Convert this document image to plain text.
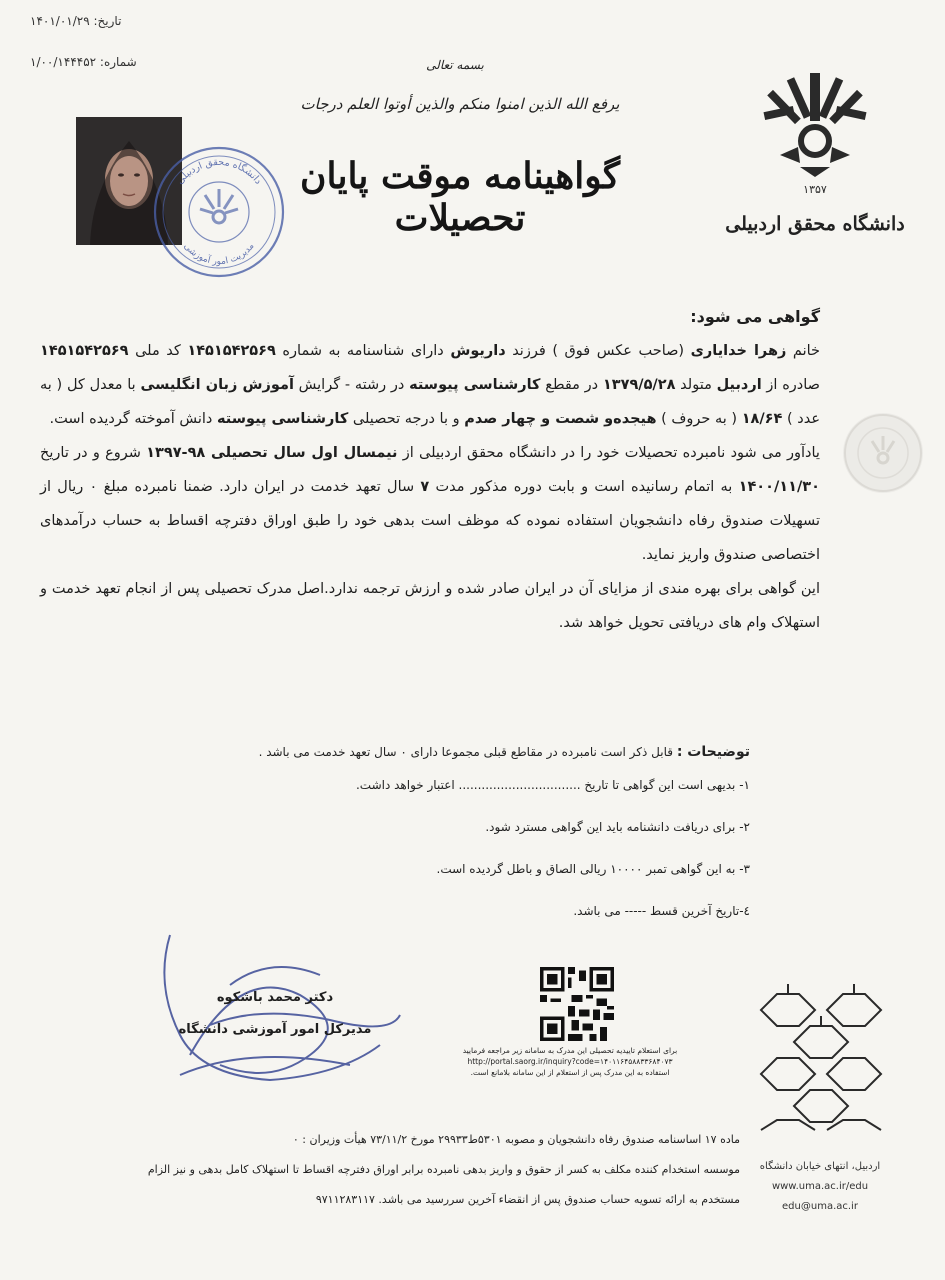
تاریخ: ۱۴۰۱/۰۱/۲۹
شماره: ۱/۰۰/۱۴۴۴۵۲	بسمه تعالی
یرفع الله الذین امنوا منکم والذین أوتوا العلم درجات
گواهینامه موقت پایان تحصیلات
دانشگاه محقق اردبیلی
مدیریت امور آموزشی
۱۳۵۷
دانشگاه محقق اردبیلی
گواهی می شود:

خانم زهرا خدایاری (صاحب عکس فوق ) فرزند داریوش دارای شناسنامه به شماره ۱۴۵۱۵۴۲۵۶۹ کد ملی ۱۴۵۱۵۴۲۵۶۹ صادره از اردبیل متولد ۱۳۷۹/۵/۲۸ در مقطع کارشناسی پیوسته در رشته - گرایش آموزش زبان انگلیسی با معدل کل ( به عدد ) ۱۸/۶۴ ( به حروف ) هیجده‌و شصت و چهار صدم و با درجه تحصیلی کارشناسی پیوسته دانش آموخته گردیده است.

یادآور می شود نامبرده تحصیلات خود را در دانشگاه محقق اردبیلی از نیمسال اول سال تحصیلی ۹۸-۱۳۹۷ شروع و در تاریخ ۱۴۰۰/۱۱/۳۰ به اتمام رسانیده است و بابت دوره مذکور مدت ۷ سال تعهد خدمت در ایران دارد. ضمنا نامبرده مبلغ ۰ ریال از تسهیلات صندوق رفاه دانشجویان استفاده نموده که موظف است بدهی خود را طبق اوراق دفترچه اقساط به حساب درآمدهای اختصاصی صندوق واریز نماید.

این گواهی برای بهره مندی از مزایای آن در ایران صادر شده و ارزش ترجمه ندارد.اصل مدرک تحصیلی پس از انجام تعهد خدمت و استهلاک وام های دریافتی تحویل خواهد شد.

توضیحات :

قابل ذکر است نامبرده در مقاطع قبلی مجموعا دارای ۰ سال تعهد خدمت می باشد .
۱- بدیهی است این گواهی تا تاریخ ................................ اعتبار خواهد داشت.
۲- برای دریافت دانشنامه باید این گواهی مسترد شود.
۳- به این گواهی تمبر ۱۰۰۰۰ ریالی الصاق و باطل گردیده است.
٤-تاریخ آخرین قسط ----- می باشد.
دکتر محمد باشکوه
مدیرکل امور آموزشی دانشگاه
برای استعلام تاییدیه تحصیلی این مدرک به سامانه زیر مراجعه فرمایید
http://portal.saorg.ir/inquiry?code=۱۴۰۱۱۶۴۵۸۸۳۳۶۸۴۰۷۳
استفاده به این مدرک پس از استعلام از این سامانه بلامانع است.
ماده ۱۷ اساسنامه صندوق رفاه دانشجویان و مصوبه ۵۳۰۱ط۲۹۹۳۳ مورخ ۷۳/۱۱/۲ هیأت وزیران : ۰
موسسه استخدام کننده مکلف به کسر از حقوق و واریز بدهی نامبرده برابر اوراق دفترچه اقساط تا استهلاک کامل بدهی و نیز الزام
مستخدم به ارائه تسویه حساب صندوق پس از انقضاء آخرین سررسید می باشد. ۹۷۱۱۲۸۳۱۱۷
اردبیل، انتهای خیابان دانشگاه
www.uma.ac.ir/edu
edu@uma.ac.ir
